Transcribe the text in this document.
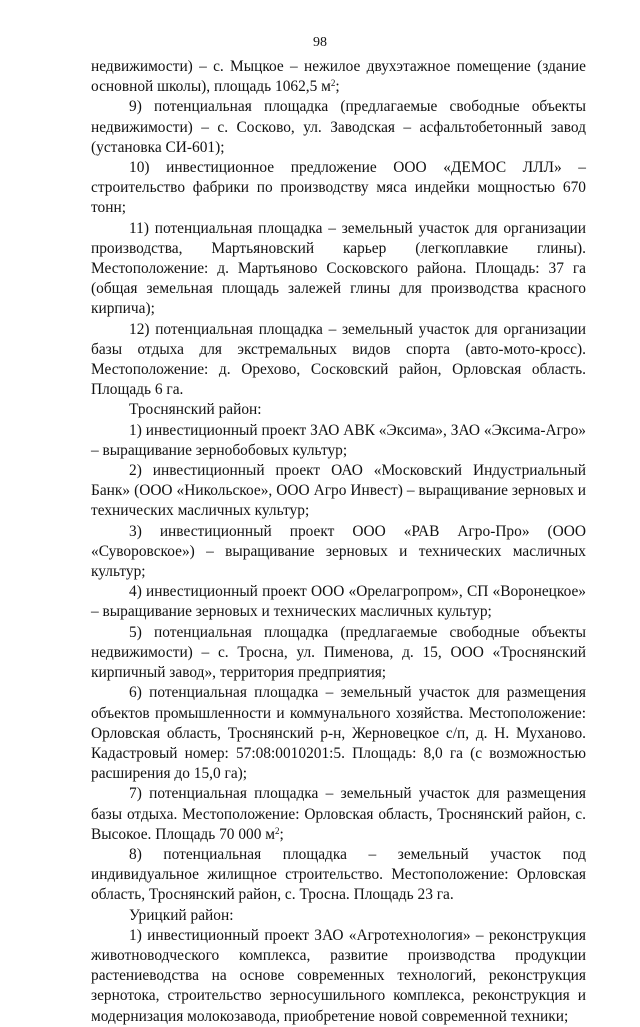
98

недвижимости) – с. Мыцкое – нежилое двухэтажное помещение (здание основной школы), площадь 1062,5 $м^2$;

9) потенциальная площадка (предлагаемые свободные объекты недвижимости) – с. Сосково, ул. Заводская – асфальтобетонный завод (установка СИ-601);

10) инвестиционное предложение ООО «ДЕМОС ЛЛЛ» – строительство фабрики по производству мяса индейки мощностью 670 тонн;

11) потенциальная площадка – земельный участок для организации производства, Мартьяновский карьер (легкоплавкие глины). Местоположение: д. Мартьяново Сосковского района. Площадь: 37 га (общая земельная площадь залежей глины для производства красного кирпича);

12) потенциальная площадка – земельный участок для организации базы отдыха для экстремальных видов спорта (авто-мото-кросс). Местоположение: д. Орехово, Сосковский район, Орловская область. Площадь 6 га.

Троснянский район:

1) инвестиционный проект ЗАО АВК «Эксима», ЗАО «Эксима-Агро» – выращивание зернобобовых культур;

2) инвестиционный проект ОАО «Московский Индустриальный Банк» (ООО «Никольское», ООО Агро Инвест) – выращивание зерновых и технических масличных культур;

3) инвестиционный проект ООО «РАВ Агро-Про» (ООО «Суворовское») – выращивание зерновых и технических масличных культур;

4) инвестиционный проект ООО «Орелагропром», СП «Воронецкое» – выращивание зерновых и технических масличных культур;

5) потенциальная площадка (предлагаемые свободные объекты недвижимости) – с. Тросна, ул. Пименова, д. 15, ООО «Троснянский кирпичный завод», территория предприятия;

6) потенциальная площадка – земельный участок для размещения объектов промышленности и коммунального хозяйства. Местоположение: Орловская область, Троснянский р-н, Жерновецкое с/п, д. Н. Муханово. Кадастровый номер: 57:08:0010201:5. Площадь: 8,0 га (с возможностью расширения до 15,0 га);

7) потенциальная площадка – земельный участок для размещения базы отдыха. Местоположение: Орловская область, Троснянский район, с. Высокое. Площадь 70 000 $м^2$;

8) потенциальная площадка – земельный участок под индивидуальное жилищное строительство. Местоположение: Орловская область, Троснянский район, с. Тросна. Площадь 23 га.

Урицкий район:

1) инвестиционный проект ЗАО «Агротехнология» – реконструкция животноводческого комплекса, развитие производства продукции растениеводства на основе современных технологий, реконструкция зернотока, строительство зерносушильного комплекса, реконструкция и модернизация молокозавода, приобретение новой современной техники;
